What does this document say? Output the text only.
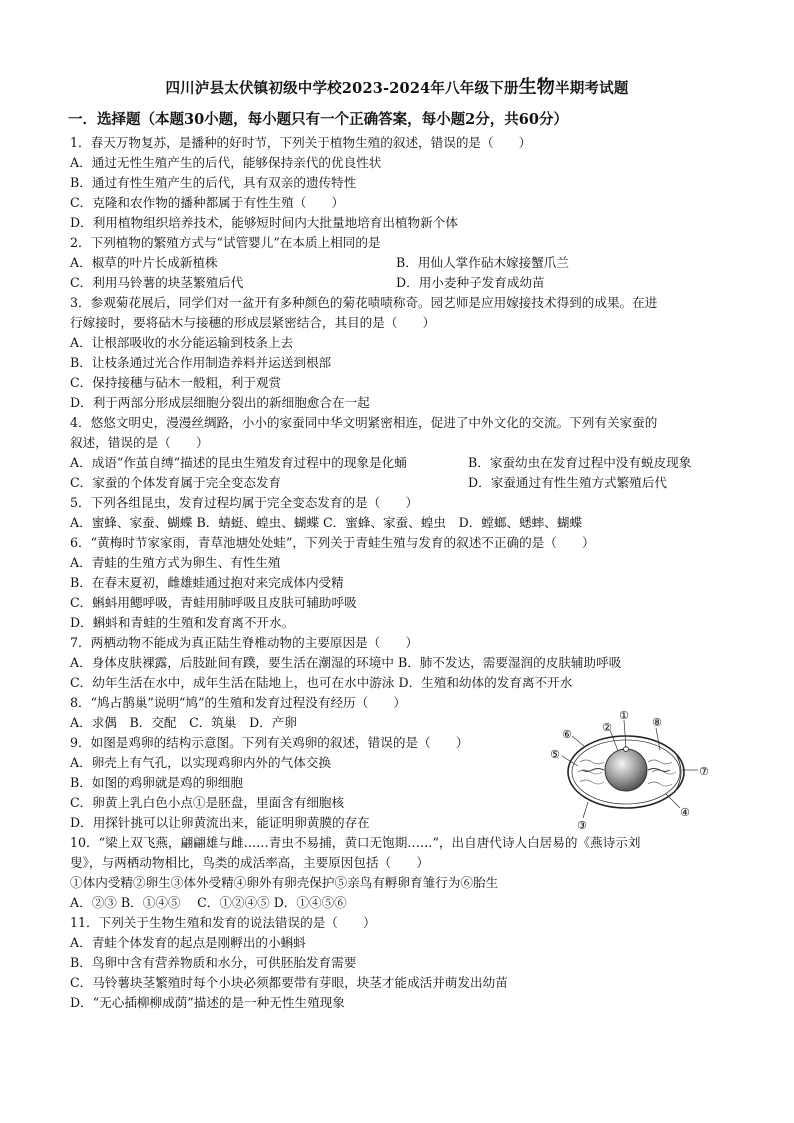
四川泸县太伏镇初级中学校2023-2024年八年级下册生物半期考试题
一．选择题（本题30小题，每小题只有一个正确答案，每小题2分，共60分）
1．春天万物复苏，是播种的好时节，下列关于植物生殖的叙述，错误的是（　　）
A．通过无性生殖产生的后代，能够保持亲代的优良性状
B．通过有性生殖产生的后代，具有双亲的遗传特性
C．克隆和农作物的播种都属于有性生殖（　　）
D．利用植物组织培养技术，能够短时间内大批量地培育出植物新个体
2．下列植物的繁殖方式与“试管婴儿”在本质上相同的是
A．椒草的叶片长成新植株	B．用仙人掌作砧木嫁接蟹爪兰
C．利用马铃薯的块茎繁殖后代	D．用小麦种子发育成幼苗
3．参观菊花展后，同学们对一盆开有多种颜色的菊花啧啧称奇。园艺师是应用嫁接技术得到的成果。在进
行嫁接时，要将砧木与接穗的形成层紧密结合，其目的是（　　）
A．让根部吸收的水分能运输到枝条上去
B．让枝条通过光合作用制造养料并运送到根部
C．保持接穗与砧木一般粗，利于观赏
D．利于两部分形成层细胞分裂出的新细胞愈合在一起
4．悠悠文明史，漫漫丝绸路，小小的家蚕同中华文明紧密相连，促进了中外文化的交流。下列有关家蚕的
叙述，错误的是（　　）
A．成语“作茧自缚”描述的昆虫生殖发育过程中的现象是化蛹	B．家蚕幼虫在发育过程中没有蜕皮现象
C．家蚕的个体发育属于完全变态发育	D．家蚕通过有性生殖方式繁殖后代
5．下列各组昆虫，发育过程均属于完全变态发育的是（　　）
A．蜜蜂、家蚕、蝴蝶 B．蜻蜓、蝗虫、蝴蝶 C．蜜蜂、家蚕、蝗虫　D．螳螂、蟋蟀、蝴蝶
6．“黄梅时节家家雨，青草池塘处处蛙”，下列关于青蛙生殖与发育的叙述不正确的是（　　）
A．青蛙的生殖方式为卵生、有性生殖
B．在春末夏初，雌雄蛙通过抱对来完成体内受精
C．蝌蚪用鳃呼吸，青蛙用肺呼吸且皮肤可辅助呼吸
D．蝌蚪和青蛙的生殖和发育离不开水。
7．两栖动物不能成为真正陆生脊椎动物的主要原因是（　　）
A．身体皮肤裸露，后肢趾间有蹼，要生活在潮湿的环境中 B．肺不发达，需要湿润的皮肤辅助呼吸
C．幼年生活在水中，成年生活在陆地上，也可在水中游泳 D．生殖和幼体的发育离不开水
8．“鸠占鹊巢”说明“鸠”的生殖和发育过程没有经历（　　）
A．求偶　B．交配　C．筑巢　D．产卵
9．如图是鸡卵的结构示意图。下列有关鸡卵的叙述，错误的是（　　）
A．卵壳上有气孔，以实现鸡卵内外的气体交换
B．如图的鸡卵就是鸡的卵细胞
C．卵黄上乳白色小点①是胚盘，里面含有细胞核
D．用探针挑可以让卵黄流出来，能证明卵黄膜的存在
10．“梁上双飞燕，翩翩雄与雌……青虫不易捕，黄口无饱期……”，出自唐代诗人白居易的《燕诗示刘
叟》，与两栖动物相比，鸟类的成活率高，主要原因包括（　　）
①体内受精②卵生③体外受精④卵外有卵壳保护⑤亲鸟有孵卵育雏行为⑥胎生
A．②③ B．①④⑤　 C．①②④⑤ D．①④⑤⑥
11．下列关于生物生殖和发育的说法错误的是（　　）
A．青蛙个体发育的起点是刚孵出的小蝌蚪
B．鸟卵中含有营养物质和水分，可供胚胎发育需要
C．马铃薯块茎繁殖时每个小块必须都要带有芽眼，块茎才能成活并萌发出幼苗
D．“无心插柳柳成荫”描述的是一种无性生殖现象
①
②
③
④
⑤
⑥
⑦
⑧
